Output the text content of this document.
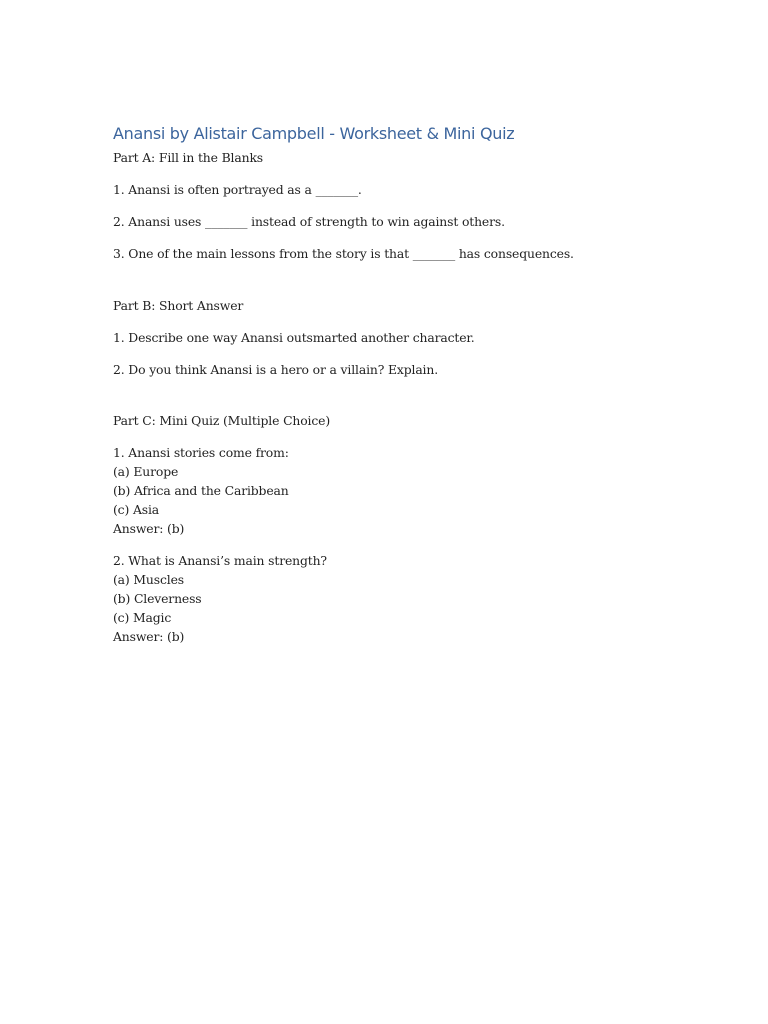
Anansi by Alistair Campbell - Worksheet & Mini Quiz

Part A: Fill in the Blanks

1. Anansi is often portrayed as a _______.

2. Anansi uses _______ instead of strength to win against others.

3. One of the main lessons from the story is that _______ has consequences.

Part B: Short Answer

1. Describe one way Anansi outsmarted another character.

2. Do you think Anansi is a hero or a villain? Explain.

Part C: Mini Quiz (Multiple Choice)

1. Anansi stories come from:

(a) Europe

(b) Africa and the Caribbean

(c) Asia

Answer: (b)

2. What is Anansi’s main strength?

(a) Muscles

(b) Cleverness

(c) Magic

Answer: (b)
